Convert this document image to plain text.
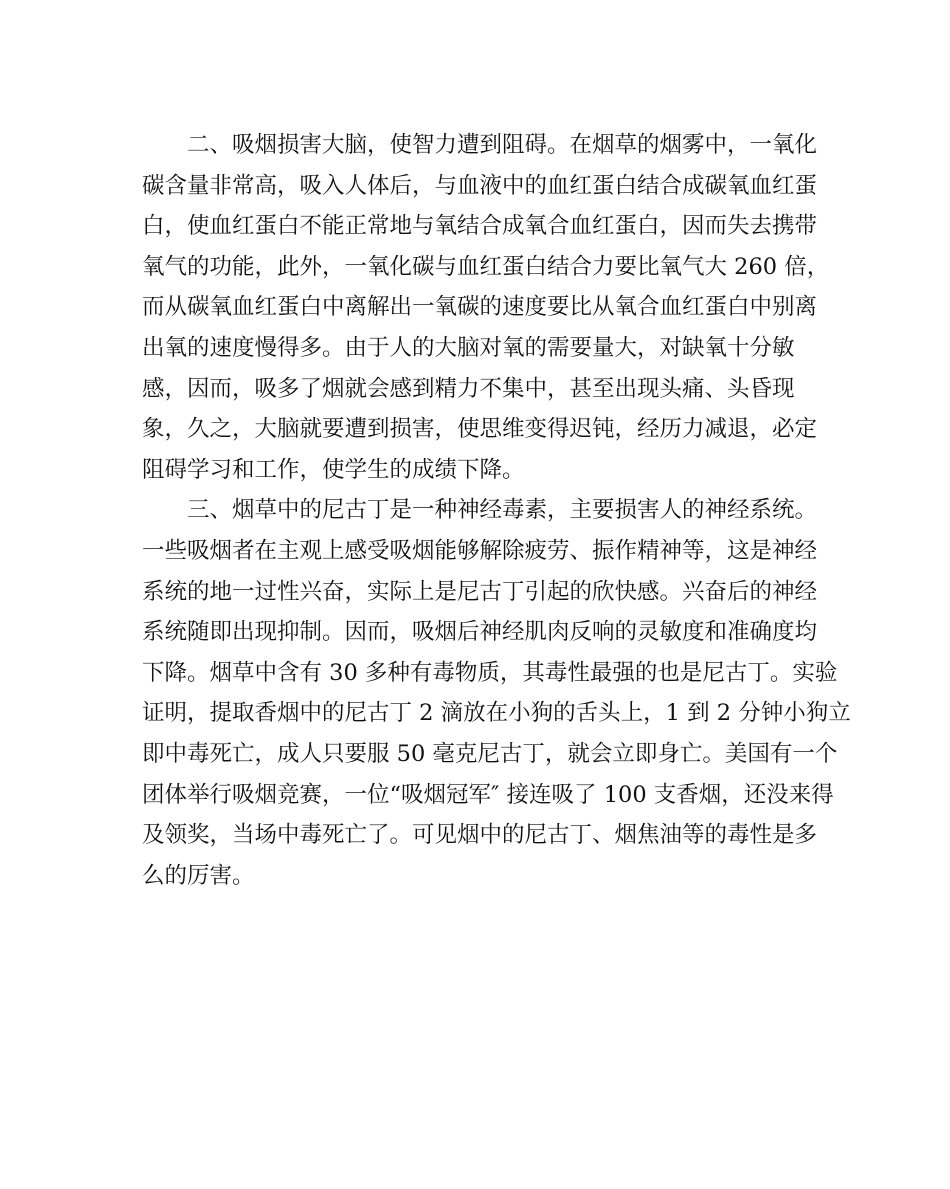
二、吸烟损害大脑，使智力遭到阻碍。在烟草的烟雾中，一氧化
碳含量非常高，吸入人体后，与血液中的血红蛋白结合成碳氧血红蛋
白，使血红蛋白不能正常地与氧结合成氧合血红蛋白，因而失去携带
氧气的功能，此外，一氧化碳与血红蛋白结合力要比氧气大 260 倍，
而从碳氧血红蛋白中离解出一氧碳的速度要比从氧合血红蛋白中别离
出氧的速度慢得多。由于人的大脑对氧的需要量大，对缺氧十分敏
感，因而，吸多了烟就会感到精力不集中，甚至出现头痛、头昏现
象，久之，大脑就要遭到损害，使思维变得迟钝，经历力减退，必定
阻碍学习和工作，使学生的成绩下降。
三、烟草中的尼古丁是一种神经毒素，主要损害人的神经系统。
一些吸烟者在主观上感受吸烟能够解除疲劳、振作精神等，这是神经
系统的地一过性兴奋，实际上是尼古丁引起的欣快感。兴奋后的神经
系统随即出现抑制。因而，吸烟后神经肌肉反响的灵敏度和准确度均
下降。烟草中含有 30 多种有毒物质，其毒性最强的也是尼古丁。实验
证明，提取香烟中的尼古丁 2 滴放在小狗的舌头上，1 到 2 分钟小狗立
即中毒死亡，成人只要服 50 毫克尼古丁，就会立即身亡。美国有一个
团体举行吸烟竞赛，一位“吸烟冠军″ 接连吸了 100 支香烟，还没来得
及领奖，当场中毒死亡了。可见烟中的尼古丁、烟焦油等的毒性是多
么的厉害。
